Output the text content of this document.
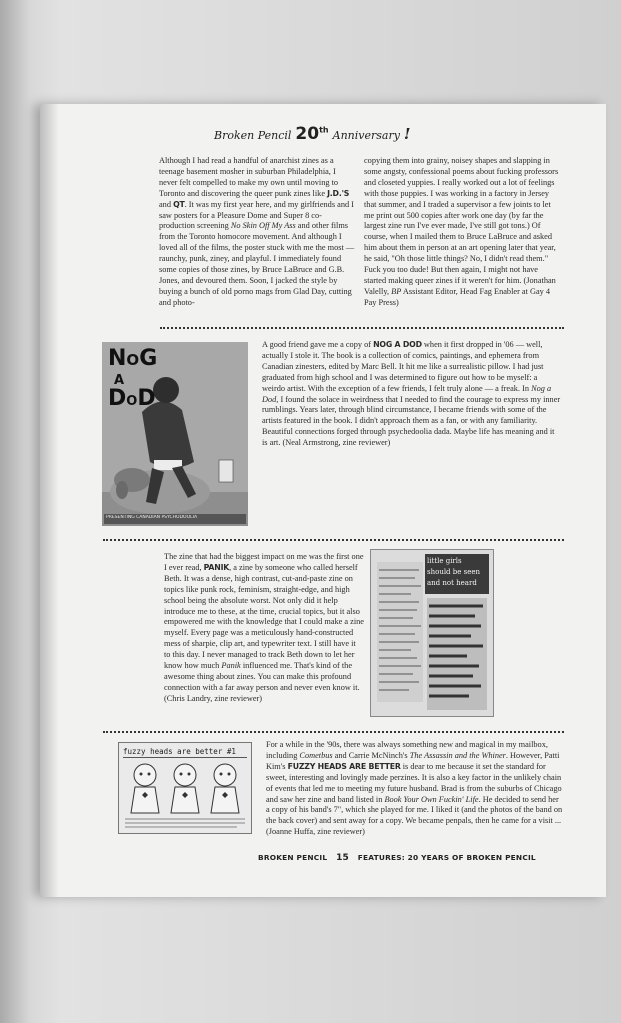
Broken Pencil 20th Anniversary !
Although I had read a handful of anarchist zines as a teenage basement mosher in suburban Philadelphia, I never felt compelled to make my own until moving to Toronto and discovering the queer punk zines like J.D.'S and QT. It was my first year here, and my girlfriends and I saw posters for a Pleasure Dome and Super 8 co-production screening No Skin Off My Ass and other films from the Toronto homocore movement. And although I loved all of the films, the poster stuck with me the most — raunchy, punk, ziney, and playful. I immediately found some copies of those zines, by Bruce LaBruce and G.B. Jones, and devoured them. Soon, I jacked the style by buying a bunch of old porno mags from Glad Day, cutting and photo-
copying them into grainy, noisey shapes and slapping in some angsty, confessional poems about fucking professors and closeted yuppies. I really worked out a lot of feelings with those puppies. I was working in a factory in Jersey that summer, and I traded a supervisor a few joints to let me print out 500 copies after work one day (by far the largest zine run I've ever made, I've still got tons.) Of course, when I mailed them to Bruce LaBruce and asked him about them in person at an art opening later that year, he said, "Oh those little things? No, I didn't read them." Fuck you too dude! But then again, I might not have started making queer zines if it weren't for him. (Jonathan Valelly, BP Assistant Editor, Head Fag Enabler at Gay 4 Pay Press)
NOG
A
DOD
PRESENTING CANADIAN PSYCHODOOLIA
A good friend gave me a copy of NOG A DOD when it first dropped in '06 — well, actually I stole it. The book is a collection of comics, paintings, and ephemera from Canadian zinesters, edited by Marc Bell. It hit me like a surrealistic pillow. I had just graduated from high school and I was determined to figure out how to be myself: a weirdo artist. With the exception of a few friends, I felt truly alone — a freak. In Nog a Dod, I found the solace in weirdness that I needed to find the courage to express my inner rumblings. Years later, through blind circumstance, I became friends with some of the artists featured in the book. I didn't approach them as a fan, or with any familiarity. Beautiful connections forged through psychedoolia dada. Maybe life has meaning and it is art. (Neal Armstrong, zine reviewer)
The zine that had the biggest impact on me was the first one I ever read, PANIK, a zine by someone who called herself Beth. It was a dense, high contrast, cut-and-paste zine on topics like punk rock, feminism, straight-edge, and high school being the absolute worst. Not only did it help introduce me to these, at the time, crucial topics, but it also empowered me with the knowledge that I could make a zine myself. Every page was a meticulously hand-constructed mess of sharpie, clip art, and typewriter text. I still have it to this day. I never managed to track Beth down to let her know how much Panik influenced me. That's kind of the awesome thing about zines. You can make this profound connection with a far away person and never even know it. (Chris Landry, zine reviewer)
little girls
should be seen
and not heard
fuzzy heads are better #1
For a while in the '90s, there was always something new and magical in my mailbox, including Cometbus and Carrie McNinch's The Assassin and the Whiner. However, Patti Kim's FUZZY HEADS ARE BETTER is dear to me because it set the standard for sweet, interesting and lovingly made perzines. It is also a key factor in the unlikely chain of events that led me to meeting my future husband. Brad is from the suburbs of Chicago and saw her zine and band listed in Book Your Own Fuckin' Life. He decided to send her a copy of his band's 7", which she played for me. I liked it (and the photos of the band on the back cover) and sent away for a copy. We became penpals, then he came for a visit ... (Joanne Huffa, zine reviewer)
BROKEN PENCIL 15 FEATURES: 20 YEARS OF BROKEN PENCIL
